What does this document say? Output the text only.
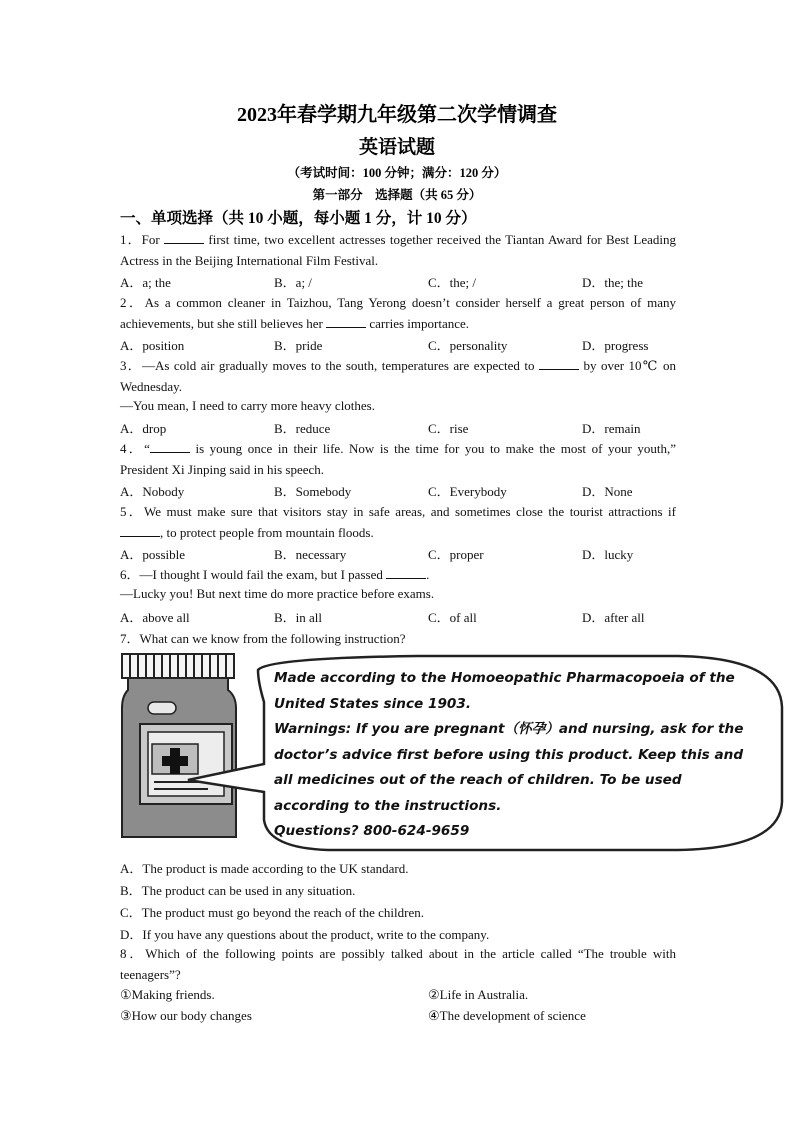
2023年春学期九年级第二次学情调查
英语试题
（考试时间：100 分钟；满分：120 分）
第一部分　选择题（共 65 分）
一、单项选择（共 10 小题，每小题 1 分，计 10 分）
1．For	first time, two excellent actresses together received the Tiantan Award for Best Leading Actress in the Beijing International Film Festival.
A．a; the	B．a; /	C．the; /	D．the; the
2．As a common cleaner in Taizhou, Tang Yerong doesn’t consider herself a great person of many achievements, but she still believes her	carries importance.
A．position	B．pride	C．personality	D．progress
3．—As cold air gradually moves to the south, temperatures are expected to	by over 10℃ on Wednesday.
—You mean, I need to carry more heavy clothes.
A．drop	B．reduce	C．rise	D．remain
4．“	is young once in their life. Now is the time for you to make the most of your youth,” President Xi Jinping said in his speech.
A．Nobody	B．Somebody	C．Everybody	D．None
5．We must make sure that visitors stay in safe areas, and sometimes close the tourist attractions if , to protect people from mountain floods.
A．possible	B．necessary	C．proper	D．lucky
6．—I thought I would fail the exam, but I passed	.
—Lucky you! But next time do more practice before exams.
A．above all	B．in all	C．of all	D．after all
7．What can we know from the following instruction?
Made according to the Homoeopathic Pharmacopoeia of the United States since 1903.
Warnings: If you are pregnant（怀孕）and nursing, ask for the doctor’s advice first before using this product. Keep this and all medicines out of the reach of children. To be used according to the instructions.
Questions? 800-624-9659
A．The product is made according to the UK standard.
B．The product can be used in any situation.
C．The product must go beyond the reach of the children.
D．If you have any questions about the product, write to the company.
8．Which of the following points are possibly talked about in the article called “The trouble with teenagers”?
①Making friends.	②Life in Australia.
③How our body changes	④The development of science
